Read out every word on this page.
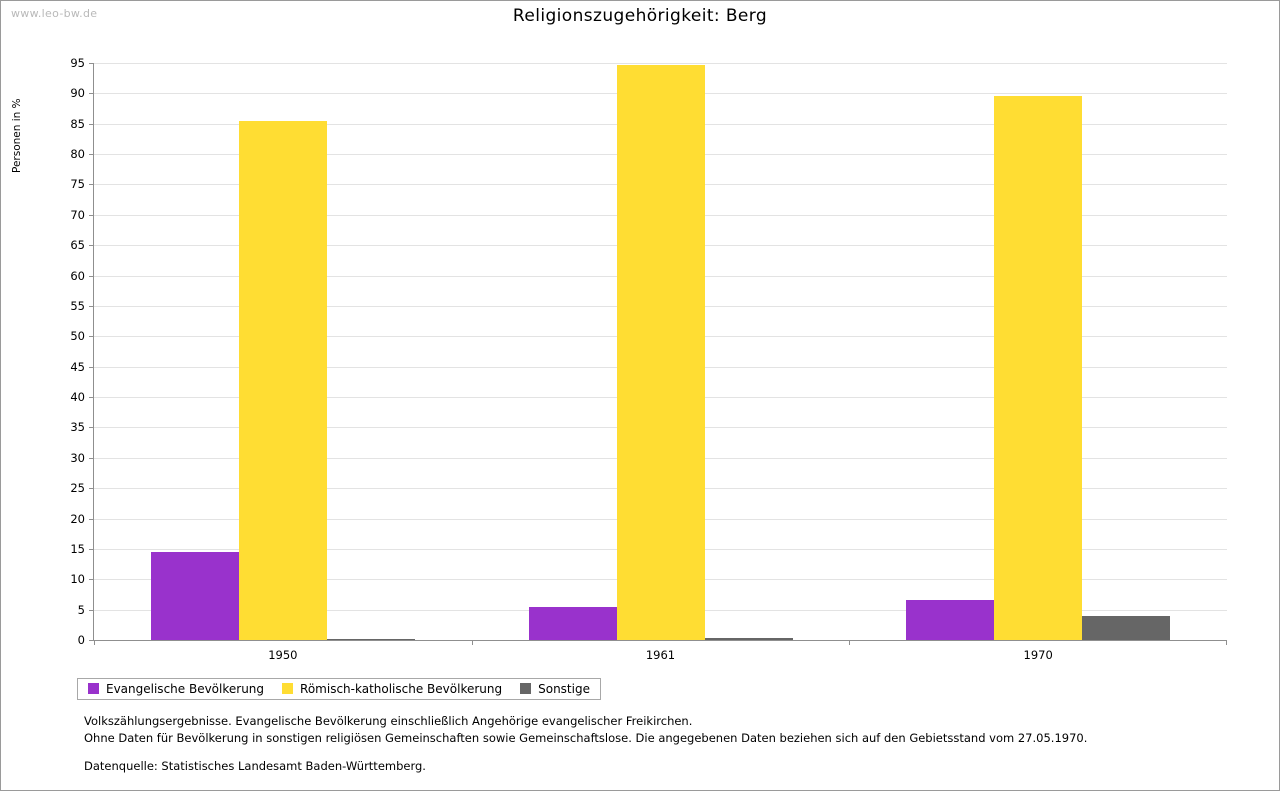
www.leo-bw.de	Religionszugehörigkeit: Berg
Personen in %
Evangelische Bevölkerung	Römisch-katholische Bevölkerung	Sonstige
Volkszählungsergebnisse. Evangelische Bevölkerung einschließlich Angehörige evangelischer Freikirchen.
Ohne Daten für Bevölkerung in sonstigen religiösen Gemeinschaften sowie Gemeinschaftslose. Die angegebenen Daten beziehen sich auf den Gebietsstand vom 27.05.1970.
Datenquelle: Statistisches Landesamt Baden-Württemberg.
0
5
10
15
20
25
30
35
40
45
50
55
60
65
70
75
80
85
90
95
1950	1961	1970
